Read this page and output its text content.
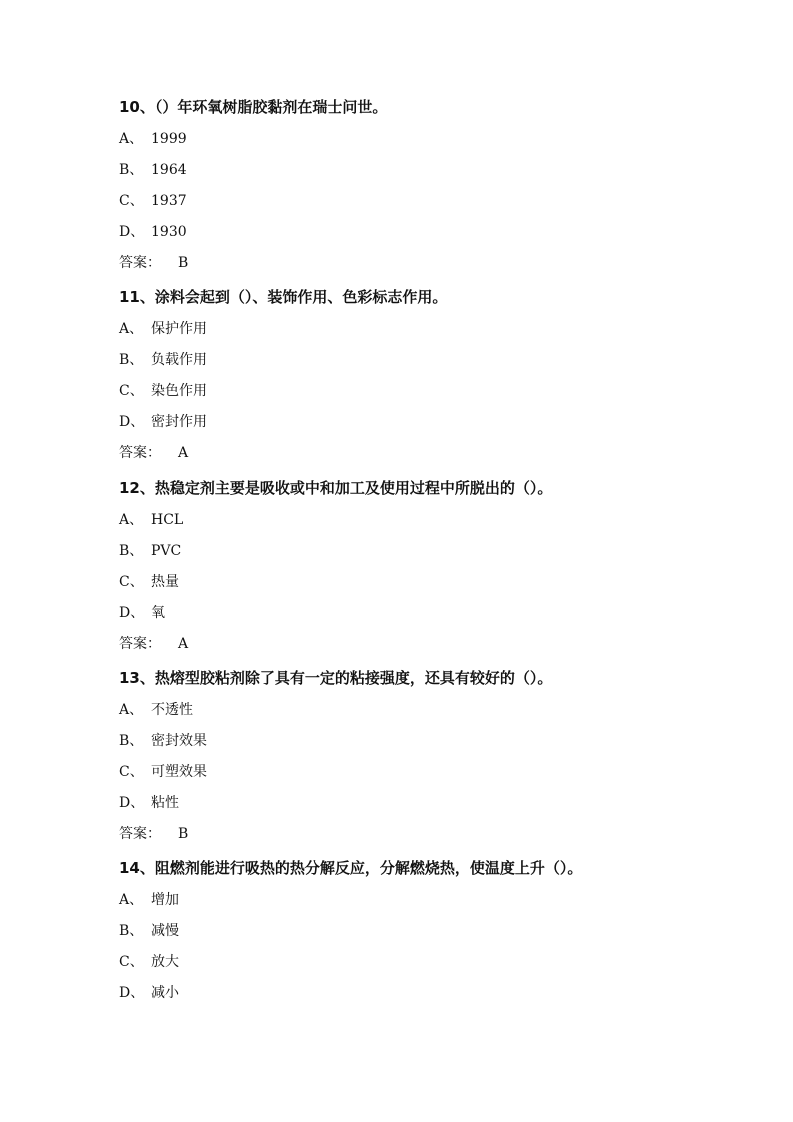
10、（）年环氧树脂胶黏剂在瑞士问世。
A、 1999
B、 1964
C、 1937
D、 1930
答案： B
11、涂料会起到（）、装饰作用、色彩标志作用。
A、 保护作用
B、 负载作用
C、 染色作用
D、 密封作用
答案： A
12、热稳定剂主要是吸收或中和加工及使用过程中所脱出的（）。
A、 HCL
B、 PVC
C、 热量
D、 氧
答案： A
13、热熔型胶粘剂除了具有一定的粘接强度，还具有较好的（）。
A、 不透性
B、 密封效果
C、 可塑效果
D、 粘性
答案： B
14、阻燃剂能进行吸热的热分解反应，分解燃烧热，使温度上升（）。
A、 增加
B、 减慢
C、 放大
D、 减小
